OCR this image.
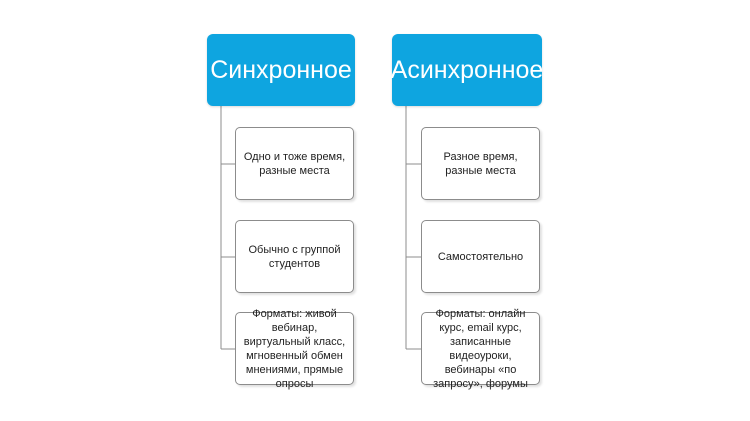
Синхронное
Одно и тоже время, разные места
Обычно с группой студентов
Форматы: живой вебинар, виртуальный класс, мгновенный обмен мнениями, прямые опросы
Асинхронное
Разное время, разные места
Самостоятельно
Форматы: онлайн курс, email курс, записанные видеоуроки, вебинары «по запросу», форумы
